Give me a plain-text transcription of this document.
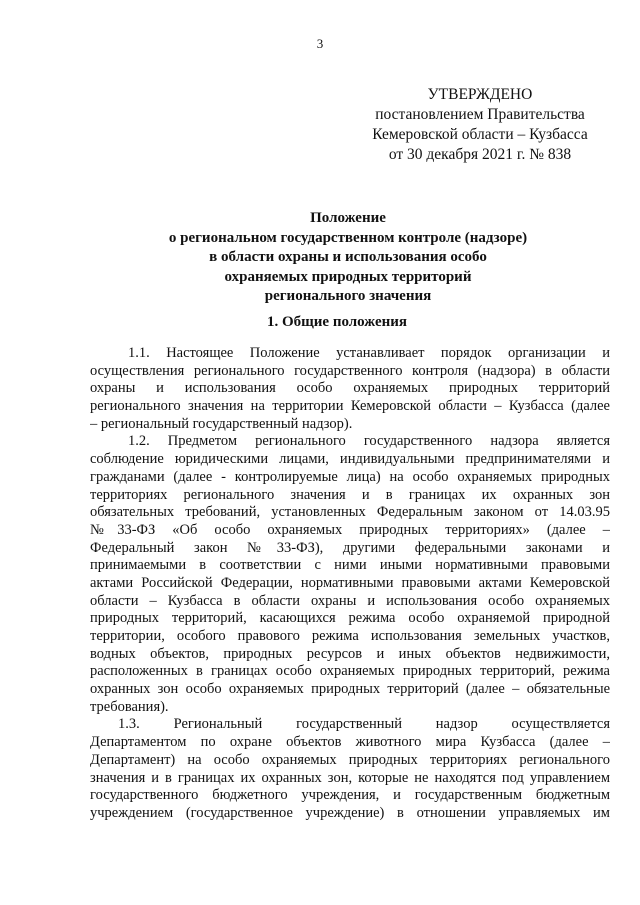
3
УТВЕРЖДЕНО
постановлением Правительства
Кемеровской области – Кузбасса
от 30 декабря 2021 г. № 838
Положение
о региональном государственном контроле (надзоре)
в области охраны и использования особо
охраняемых природных территорий
регионального значения
1. Общие положения
1.1. Настоящее Положение устанавливает порядок организации и
осуществления регионального государственного контроля (надзора) в области
охраны и использования особо охраняемых природных территорий
регионального значения на территории Кемеровской области – Кузбасса (далее
– региональный государственный надзор).
1.2. Предметом регионального государственного надзора является
соблюдение юридическими лицами, индивидуальными предпринимателями и
гражданами (далее - контролируемые лица) на особо охраняемых природных
территориях регионального значения и в границах их охранных зон
обязательных требований, установленных Федеральным законом от 14.03.95
№33-ФЗ «Об особо охраняемых природных территориях» (далее –
Федеральный закон №33-ФЗ), другими федеральными законами и
принимаемыми в соответствии с ними иными нормативными правовыми
актами Российской Федерации, нормативными правовыми актами Кемеровской
области – Кузбасса в области охраны и использования особо охраняемых
природных территорий, касающихся режима особо охраняемой природной
территории, особого правового режима использования земельных участков,
водных объектов, природных ресурсов и иных объектов недвижимости,
расположенных в границах особо охраняемых природных территорий, режима
охранных зон особо охраняемых природных территорий (далее – обязательные
требования).
1.3. Региональный государственный надзор осуществляется
Департаментом по охране объектов животного мира Кузбасса (далее –
Департамент) на особо охраняемых природных территориях регионального
значения и в границах их охранных зон, которые не находятся под управлением
государственного бюджетного учреждения, и государственным бюджетным
учреждением (государственное учреждение) в отношении управляемых им
